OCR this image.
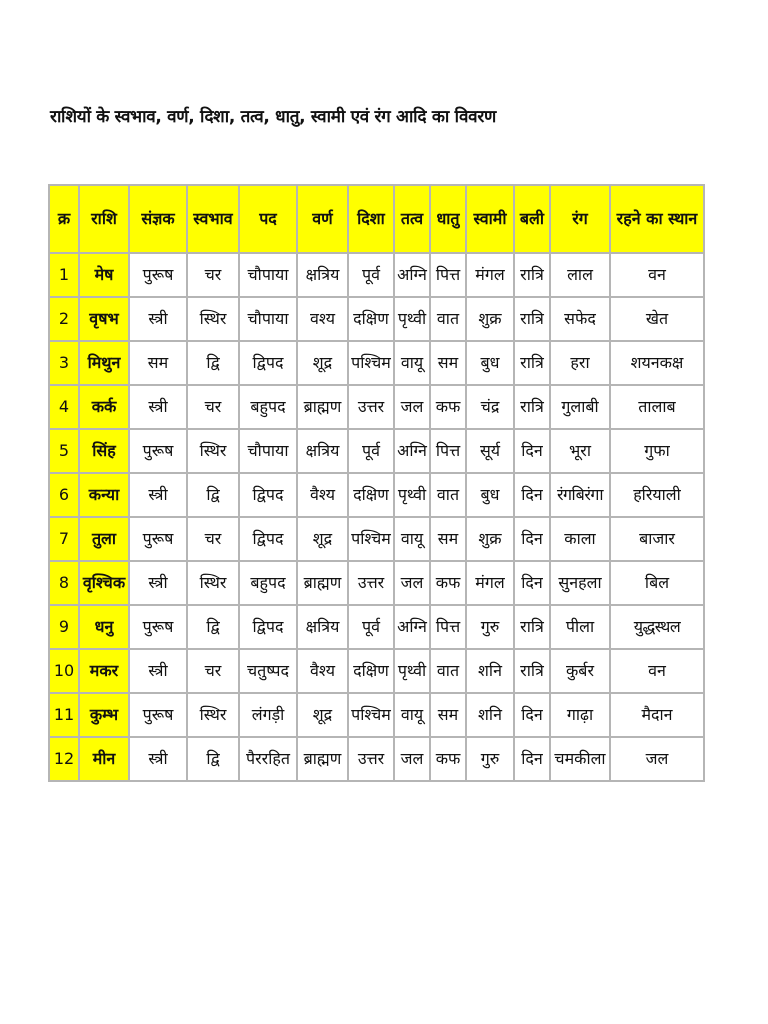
राशियों के स्वभाव, वर्ण, दिशा, तत्व, धातु, स्वामी एवं रंग आदि का विवरण
क्र	राशि	संज्ञक	स्वभाव	पद	वर्ण	दिशा	तत्व	धातु	स्वामी	बली	रंग	रहने का स्थान
1	मेष	पुरूष	चर	चौपाया	क्षत्रिय	पूर्व	अग्नि	पित्त	मंगल	रात्रि	लाल	वन
2	वृषभ	स्त्री	स्थिर	चौपाया	वश्य	दक्षिण	पृथ्वी	वात	शुक्र	रात्रि	सफेद	खेत
3	मिथुन	सम	द्वि	द्विपद	शूद्र	पश्चिम	वायू	सम	बुध	रात्रि	हरा	शयनकक्ष
4	कर्क	स्त्री	चर	बहुपद	ब्राह्मण	उत्तर	जल	कफ	चंद्र	रात्रि	गुलाबी	तालाब
5	सिंह	पुरूष	स्थिर	चौपाया	क्षत्रिय	पूर्व	अग्नि	पित्त	सूर्य	दिन	भूरा	गुफा
6	कन्या	स्त्री	द्वि	द्विपद	वैश्य	दक्षिण	पृथ्वी	वात	बुध	दिन	रंगबिरंगा	हरियाली
7	तुला	पुरूष	चर	द्विपद	शूद्र	पश्चिम	वायू	सम	शुक्र	दिन	काला	बाजार
8	वृश्चिक	स्त्री	स्थिर	बहुपद	ब्राह्मण	उत्तर	जल	कफ	मंगल	दिन	सुनहला	बिल
9	धनु	पुरूष	द्वि	द्विपद	क्षत्रिय	पूर्व	अग्नि	पित्त	गुरु	रात्रि	पीला	युद्धस्थल
10	मकर	स्त्री	चर	चतुष्पद	वैश्य	दक्षिण	पृथ्वी	वात	शनि	रात्रि	कुर्बर	वन
11	कुम्भ	पुरूष	स्थिर	लंगड़ी	शूद्र	पश्चिम	वायू	सम	शनि	दिन	गाढ़ा	मैदान
12	मीन	स्त्री	द्वि	पैररहित	ब्राह्मण	उत्तर	जल	कफ	गुरु	दिन	चमकीला	जल
